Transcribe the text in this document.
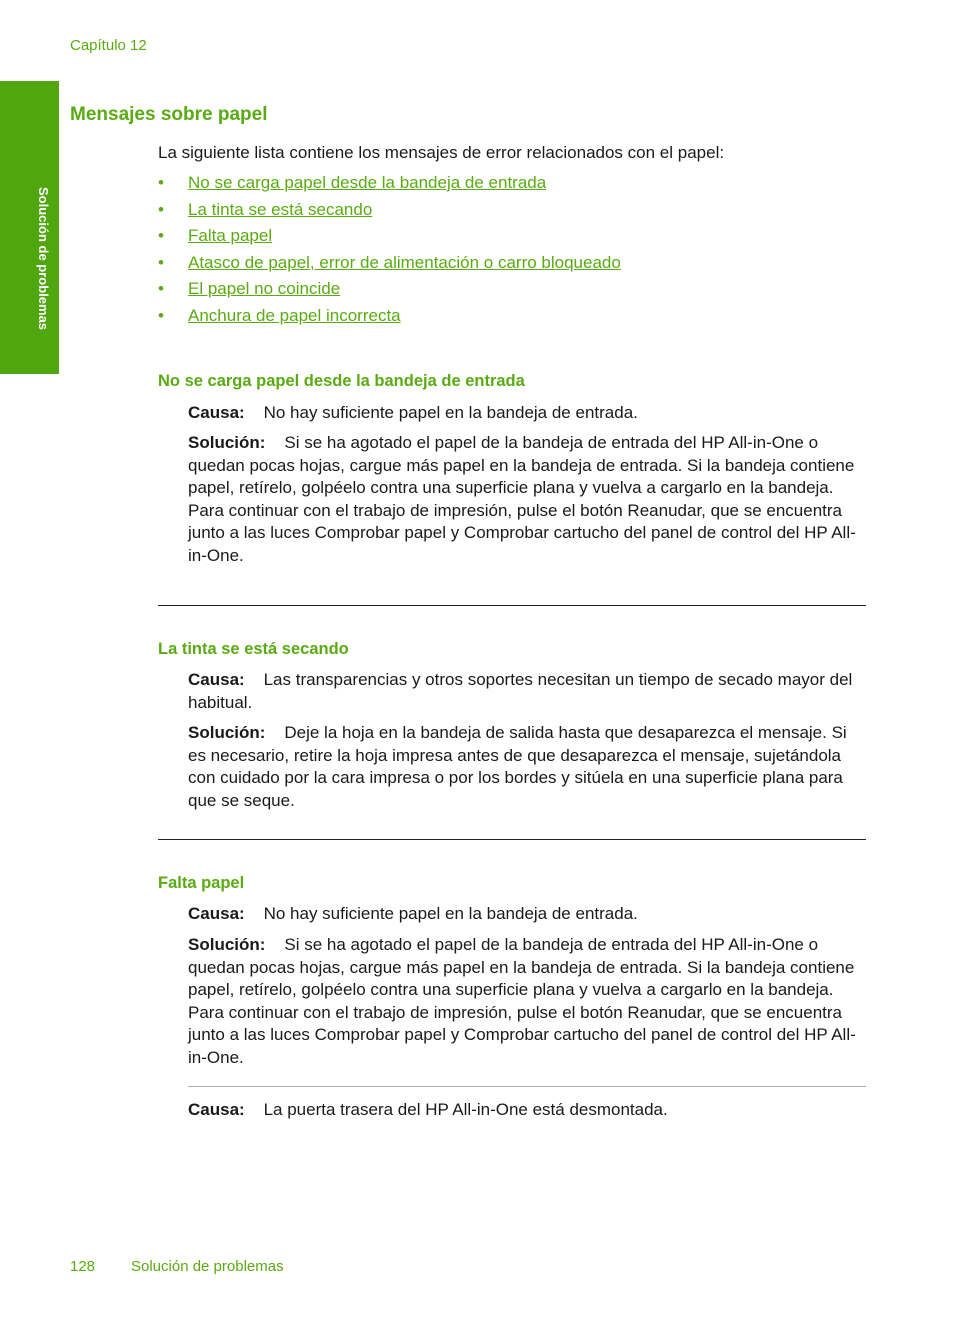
Capítulo 12
Solución de problemas
Mensajes sobre papel
La siguiente lista contiene los mensajes de error relacionados con el papel:
• No se carga papel desde la bandeja de entrada
• La tinta se está secando
• Falta papel
• Atasco de papel, error de alimentación o carro bloqueado
• El papel no coincide
• Anchura de papel incorrecta
No se carga papel desde la bandeja de entrada

Causa: No hay suficiente papel en la bandeja de entrada.

Solución: Si se ha agotado el papel de la bandeja de entrada del HP All-in-One o quedan pocas hojas, cargue más papel en la bandeja de entrada. Si la bandeja contiene papel, retírelo, golpéelo contra una superficie plana y vuelva a cargarlo en la bandeja. Para continuar con el trabajo de impresión, pulse el botón Reanudar, que se encuentra junto a las luces Comprobar papel y Comprobar cartucho del panel de control del HP All-in-One.

La tinta se está secando

Causa: Las transparencias y otros soportes necesitan un tiempo de secado mayor del habitual.

Solución: Deje la hoja en la bandeja de salida hasta que desaparezca el mensaje. Si es necesario, retire la hoja impresa antes de que desaparezca el mensaje, sujetándola con cuidado por la cara impresa o por los bordes y sitúela en una superficie plana para que se seque.

Falta papel

Causa: No hay suficiente papel en la bandeja de entrada.

Solución: Si se ha agotado el papel de la bandeja de entrada del HP All-in-One o quedan pocas hojas, cargue más papel en la bandeja de entrada. Si la bandeja contiene papel, retírelo, golpéelo contra una superficie plana y vuelva a cargarlo en la bandeja. Para continuar con el trabajo de impresión, pulse el botón Reanudar, que se encuentra junto a las luces Comprobar papel y Comprobar cartucho del panel de control del HP All-in-One.

Causa: La puerta trasera del HP All-in-One está desmontada.

128 Solución de problemas
